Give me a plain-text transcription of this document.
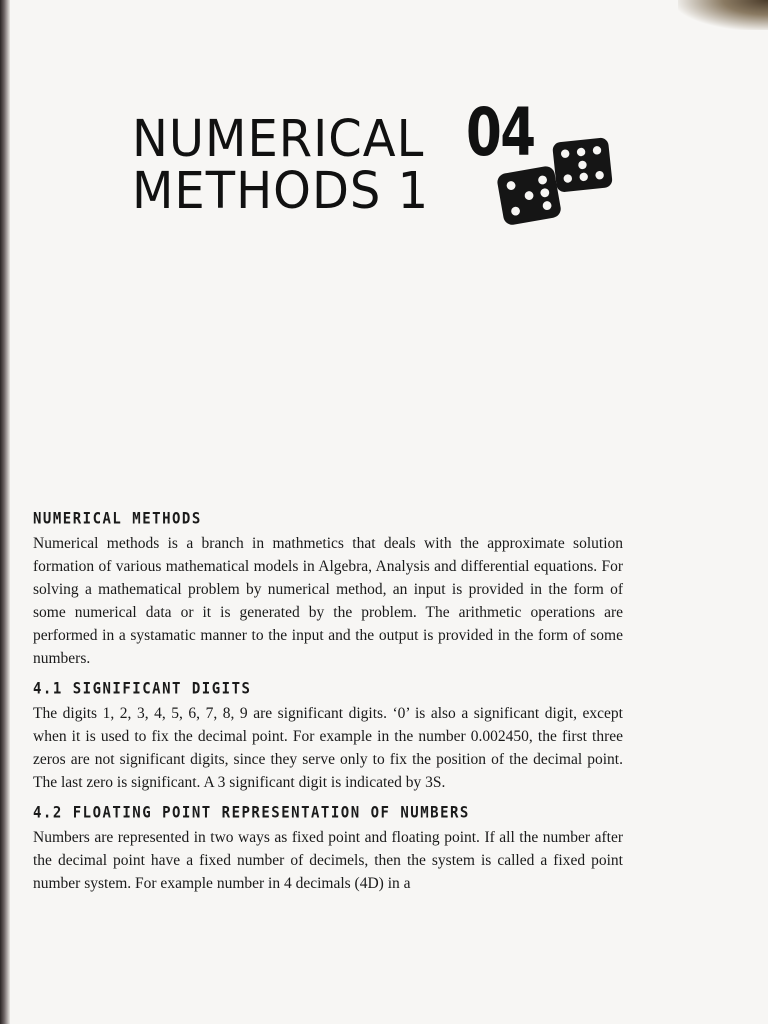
NUMERICAL
METHODS 1
04
NUMERICAL METHODS

Numerical methods is a branch in mathmetics that deals with the approximate solution formation of various mathematical models in Algebra, Analysis and differential equations. For solving a mathematical problem by numerical method, an input is provided in the form of some numerical data or it is generated by the problem. The arithmetic operations are performed in a systamatic manner to the input and the output is provided in the form of some numbers.

4.1 SIGNIFICANT DIGITS

The digits 1, 2, 3, 4, 5, 6, 7, 8, 9 are significant digits. ‘0’ is also a significant digit, except when it is used to fix the decimal point. For example in the number 0.002450, the first three zeros are not significant digits, since they serve only to fix the position of the decimal point. The last zero is significant. A 3 significant digit is indicated by 3S.

4.2 FLOATING POINT REPRESENTATION OF NUMBERS

Numbers are represented in two ways as fixed point and floating point. If all the number after the decimal point have a fixed number of decimels, then the system is called a fixed point number system. For example number in 4 decimals (4D) in a
